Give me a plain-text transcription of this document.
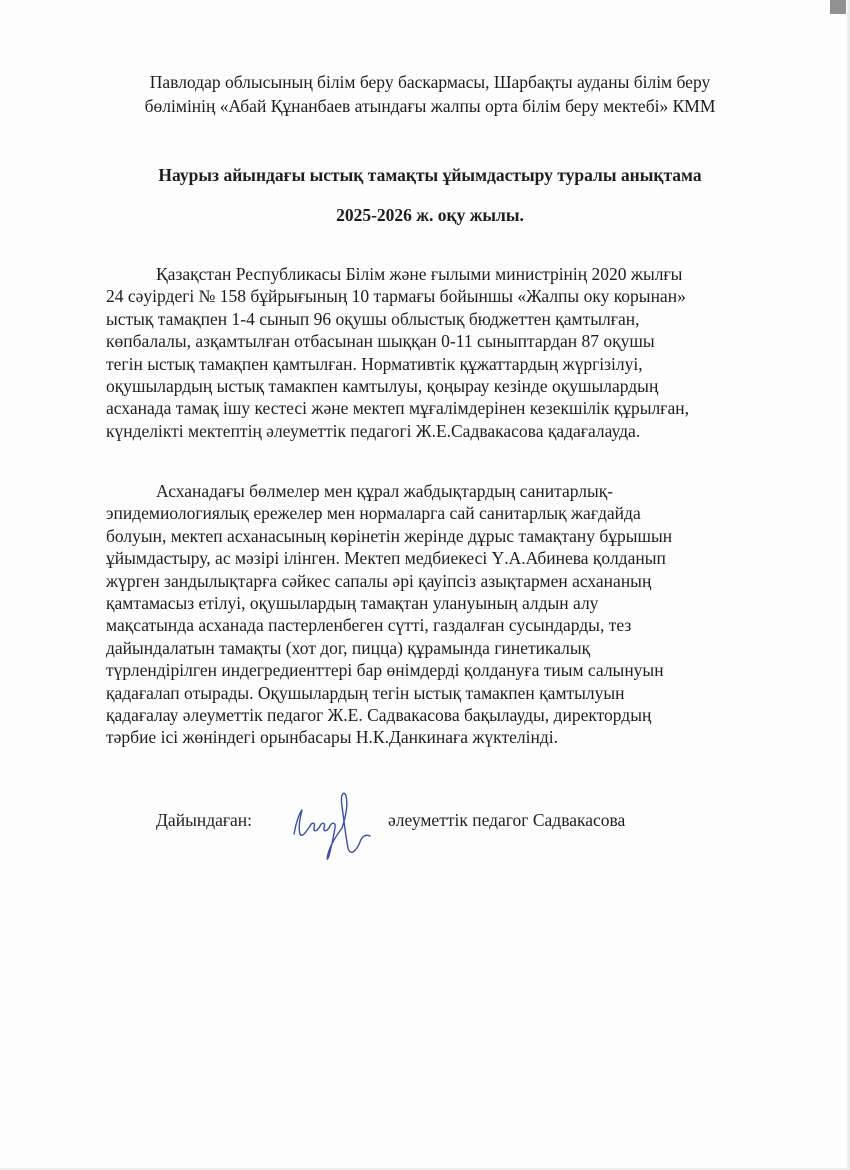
Павлодар облысының білім беру баскармасы, Шарбақты ауданы білім беру
бөлімінің «Абай Құнанбаев атындағы жалпы орта білім беру мектебі» КММ
Наурыз айындағы ыстық тамақты ұйымдастыру туралы анықтама
2025-2026 ж. оқу жылы.
Қазақстан Республикасы Білім және ғылыми министрінің 2020 жылғы
24 сәуірдегі № 158 бұйрығының 10 тармағы бойыншы «Жалпы оку корынан»
ыстық тамақпен 1-4 сынып 96 оқушы облыстық бюджеттен қамтылған,
көпбалалы, азқамтылған отбасынан шыққан 0-11 сыныптардан 87 оқушы
тегін ыстық тамақпен қамтылған. Нормативтік құжаттардың жүргізілуі,
оқушылардың ыстық тамакпен камтылуы, қоңырау кезінде оқушылардың
асханада тамақ ішу кестесі және мектеп мұғалімдерінен кезекшілік құрылған,
күнделікті мектептің әлеуметтік педагогі Ж.Е.Садвакасова қадағалауда.
Асханадағы бөлмелер мен құрал жабдықтардың санитарлық-
эпидемиологиялық ережелер мен нормаларга сай санитарлық жағдайда
болуын, мектеп асханасының көрінетін жерінде дұрыс тамақтану бұрышын
ұйымдастыру, ас мәзірі ілінген. Мектеп медбиекесі Ү.А.Абинева қолданып
жүрген зандылықтарға сәйкес сапалы әрі қауіпсіз азықтармен асхананың
қамтамасыз етілуі, оқушылардың тамақтан улануының алдын алу
мақсатында асханада пастерленбеген сүтті, газдалған сусындарды, тез
дайындалатын тамақты (хот дог, пицца) құрамында гинетикалық
түрлендірілген индегредиенттері бар өнімдерді қолдануға тиым салынуын
қадағалап отырады. Оқушылардың тегін ыстық тамакпен қамтылуын
қадағалау әлеуметтік педагог Ж.Е. Садвакасова бақылауды, директордың
тәрбие ісі жөніндегі орынбасары Н.К.Данкинаға жүктелінді.
Дайындаған:	әлеуметтік педагог Садвакасова
